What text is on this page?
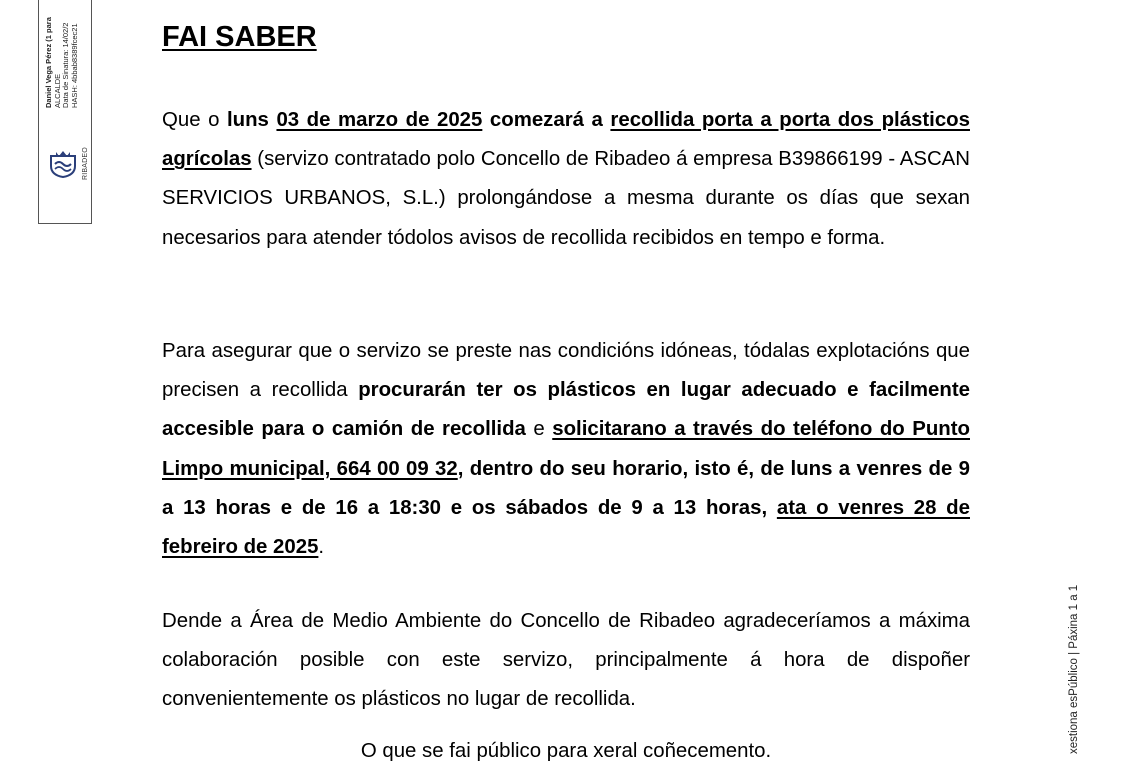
Daniel Vega Pérez (1 para ALCALDE Data de Sinatura: 14/02/2 HASH: 4bbab8389fcec21
RIBADEO
xestiona esPúblico | Páxina 1 a 1
FAI SABER

Que o luns 03 de marzo de 2025 comezará a recollida porta a porta dos plásticos agrícolas (servizo contratado polo Concello de Ribadeo á empresa B39866199 - ASCAN SERVICIOS URBANOS, S.L.) prolongándose a mesma durante os días que sexan necesarios para atender tódolos avisos de recollida recibidos en tempo e forma.

Para asegurar que o servizo se preste nas condicións idóneas, tódalas explotacións que precisen a recollida procurarán ter os plásticos en lugar adecuado e facilmente accesible para o camión de recollida e solicitarano a través do teléfono do Punto Limpo municipal, 664 00 09 32, dentro do seu horario, isto é, de luns a venres de 9 a 13 horas e de 16 a 18:30 e os sábados de 9 a 13 horas, ata o venres 28 de febreiro de 2025.

Dende a Área de Medio Ambiente do Concello de Ribadeo agradeceríamos a máxima colaboración posible con este servizo, principalmente á hora de dispoñer convenientemente os plásticos no lugar de recollida.

O que se fai público para xeral coñecemento.
